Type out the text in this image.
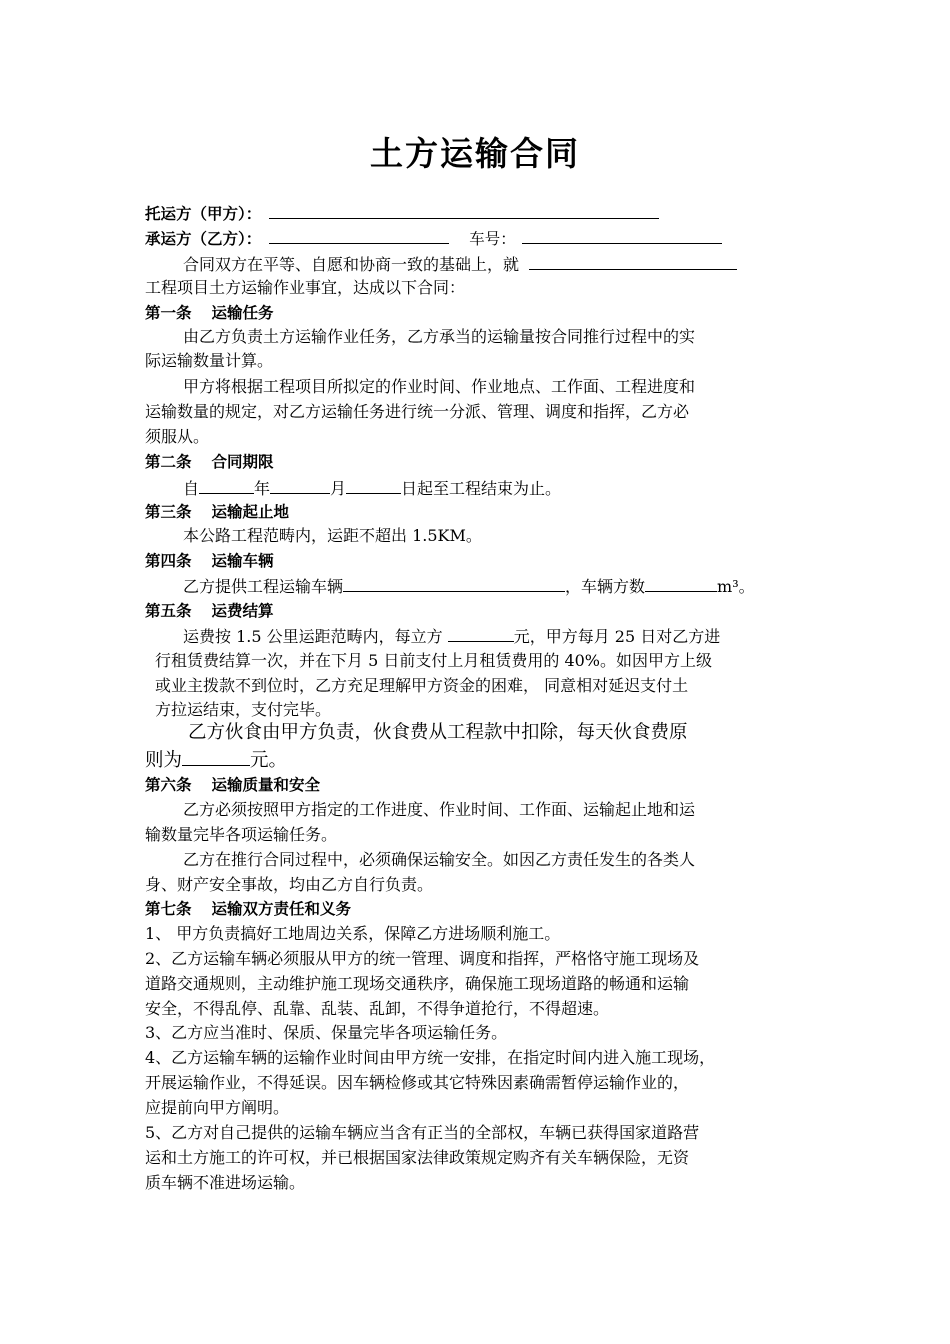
土方运输合同
托运方（甲方）：
承运方（乙方）：	车号：
合同双方在平等、自愿和协商一致的基础上，就
工程项目土方运输作业事宜，达成以下合同：
第一条 运输任务
由乙方负责土方运输作业任务，乙方承当的运输量按合同推行过程中的实
际运输数量计算。
甲方将根据工程项目所拟定的作业时间、作业地点、工作面、工程进度和
运输数量的规定，对乙方运输任务进行统一分派、管理、调度和指挥，乙方必
须服从。
第二条 合同期限
自	年	月	日起至工程结束为止。
第三条 运输起止地
本公路工程范畴内，运距不超出 1.5KM。
第四条 运输车辆
乙方提供工程运输车辆	，车辆方数	m³。
第五条 运费结算
运费按 1.5 公里运距范畴内，每立方	元，甲方每月 25 日对乙方进
行租赁费结算一次，并在下月 5 日前支付上月租赁费用的 40%。如因甲方上级
或业主拨款不到位时，乙方充足理解甲方资金的困难， 同意相对延迟支付土
方拉运结束，支付完毕。
乙方伙食由甲方负责，伙食费从工程款中扣除，每天伙食费原
则为	元。
第六条 运输质量和安全
乙方必须按照甲方指定的工作进度、作业时间、工作面、运输起止地和运
输数量完毕各项运输任务。
乙方在推行合同过程中，必须确保运输安全。如因乙方责任发生的各类人
身、财产安全事故，均由乙方自行负责。
第七条 运输双方责任和义务
1、 甲方负责搞好工地周边关系，保障乙方进场顺利施工。
2、乙方运输车辆必须服从甲方的统一管理、调度和指挥，严格恪守施工现场及
道路交通规则，主动维护施工现场交通秩序，确保施工现场道路的畅通和运输
安全，不得乱停、乱靠、乱装、乱卸，不得争道抢行，不得超速。
3、乙方应当准时、保质、保量完毕各项运输任务。
4、乙方运输车辆的运输作业时间由甲方统一安排，在指定时间内进入施工现场，
开展运输作业，不得延误。因车辆检修或其它特殊因素确需暂停运输作业的，
应提前向甲方阐明。
5、乙方对自己提供的运输车辆应当含有正当的全部权，车辆已获得国家道路营
运和土方施工的许可权，并已根据国家法律政策规定购齐有关车辆保险，无资
质车辆不准进场运输。
